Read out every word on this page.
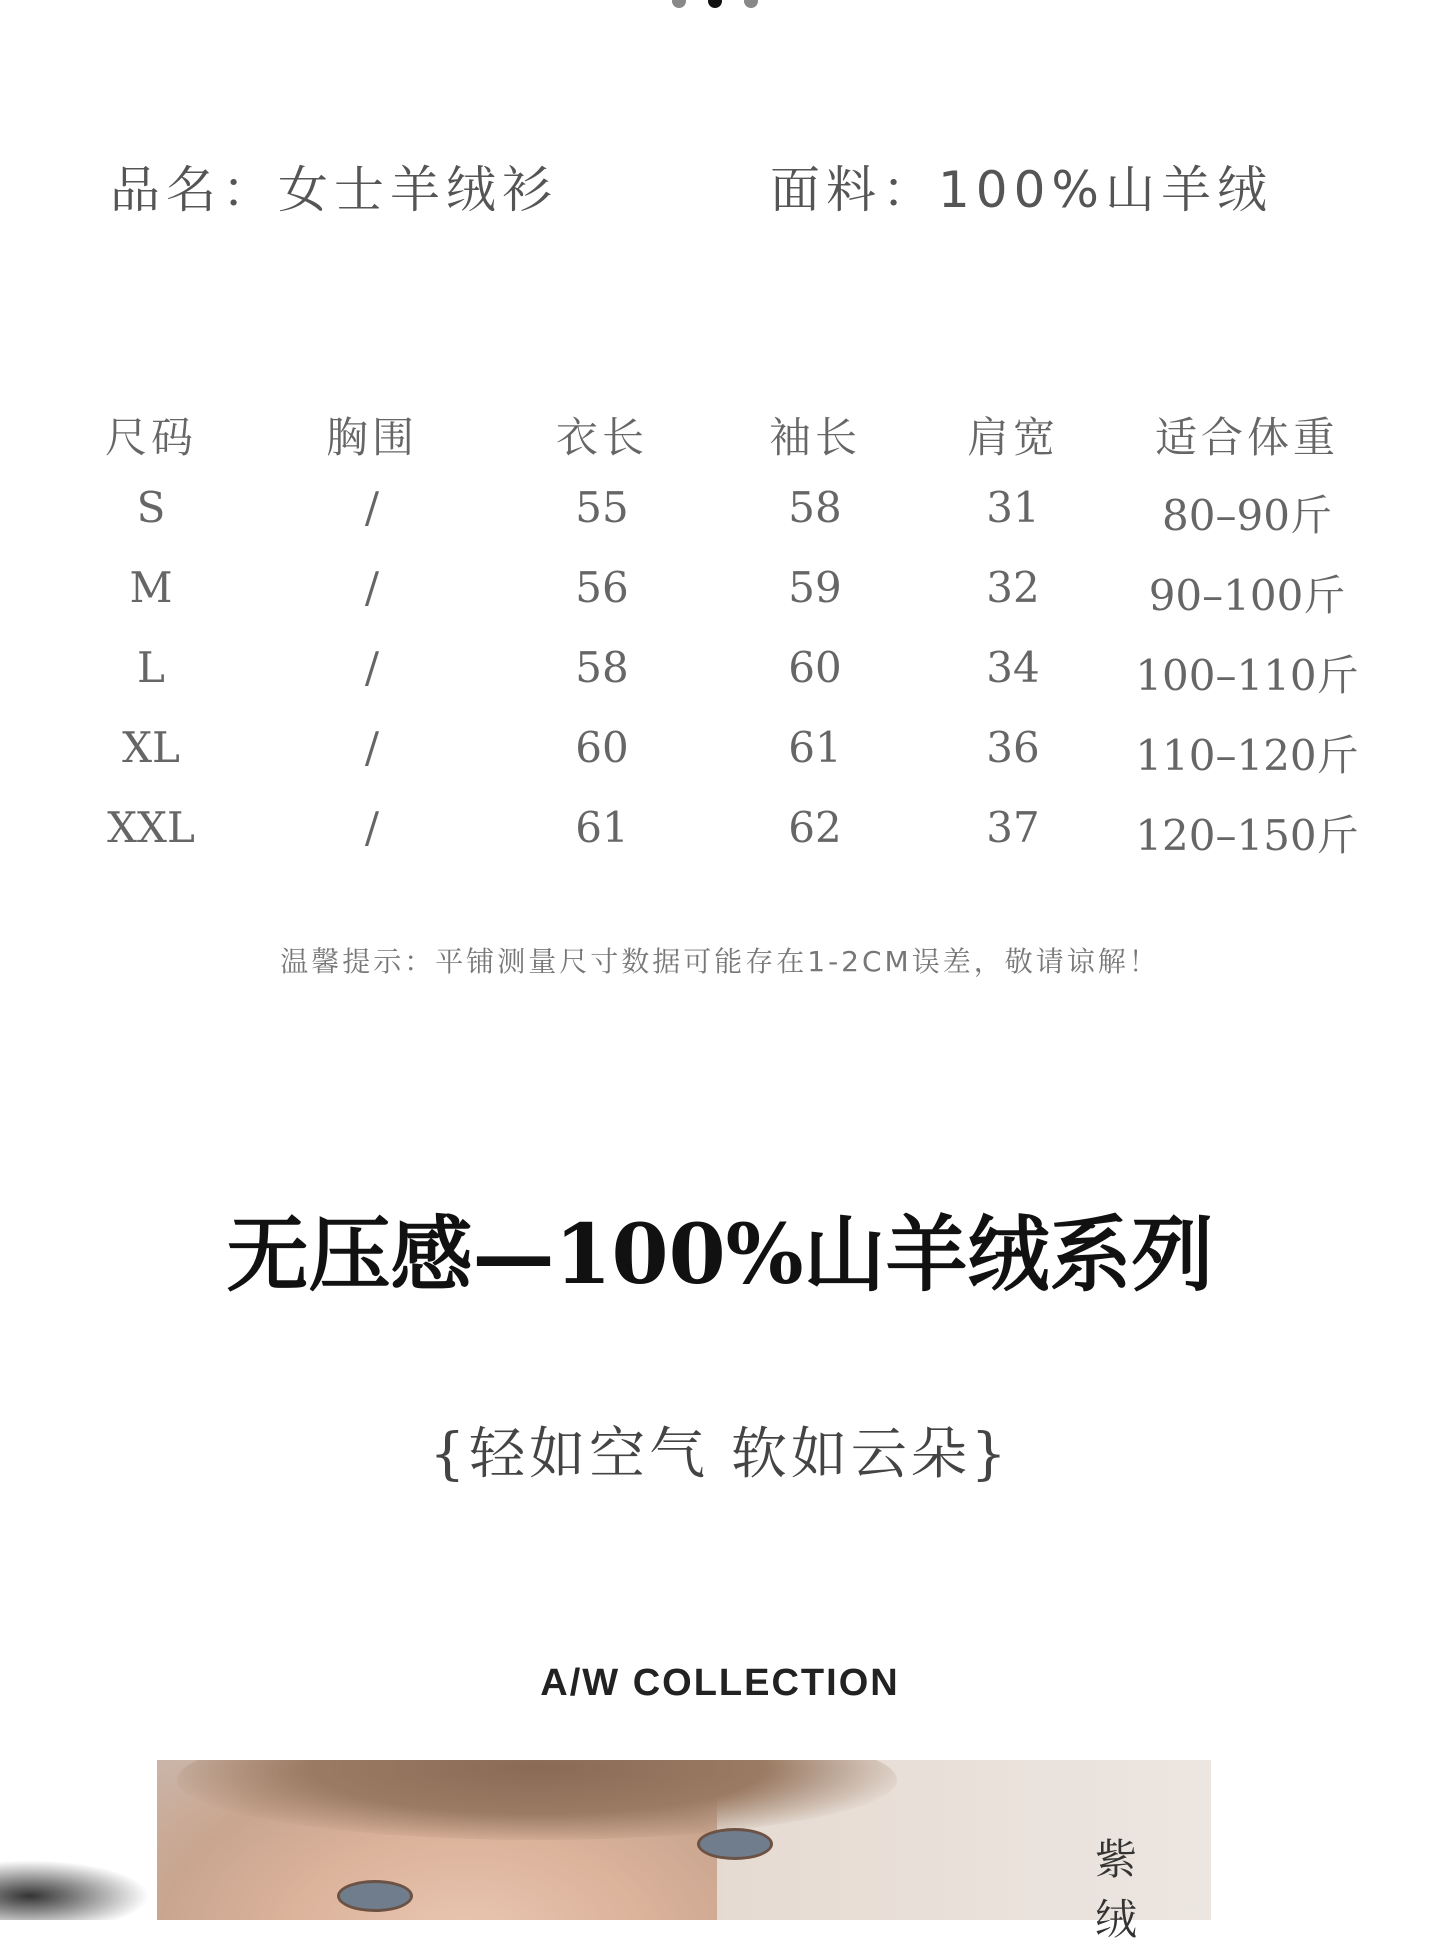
品名：女士羊绒衫	面料：100%山羊绒
尺码	胸围	衣长	袖长	肩宽 适合体重
S	/	55	58	31	80–90斤
M	/	56	59	32	90–100斤
L	/	58	60	34 100–110斤
XL	/	60	61	36 110–120斤
XXL	/	61	62	37 120–150斤
温馨提示：平铺测量尺寸数据可能存在1-2CM误差，敬请谅解！
无压感—100%山羊绒系列
{轻如空气 软如云朵}
A/W COLLECTION
紫绒
